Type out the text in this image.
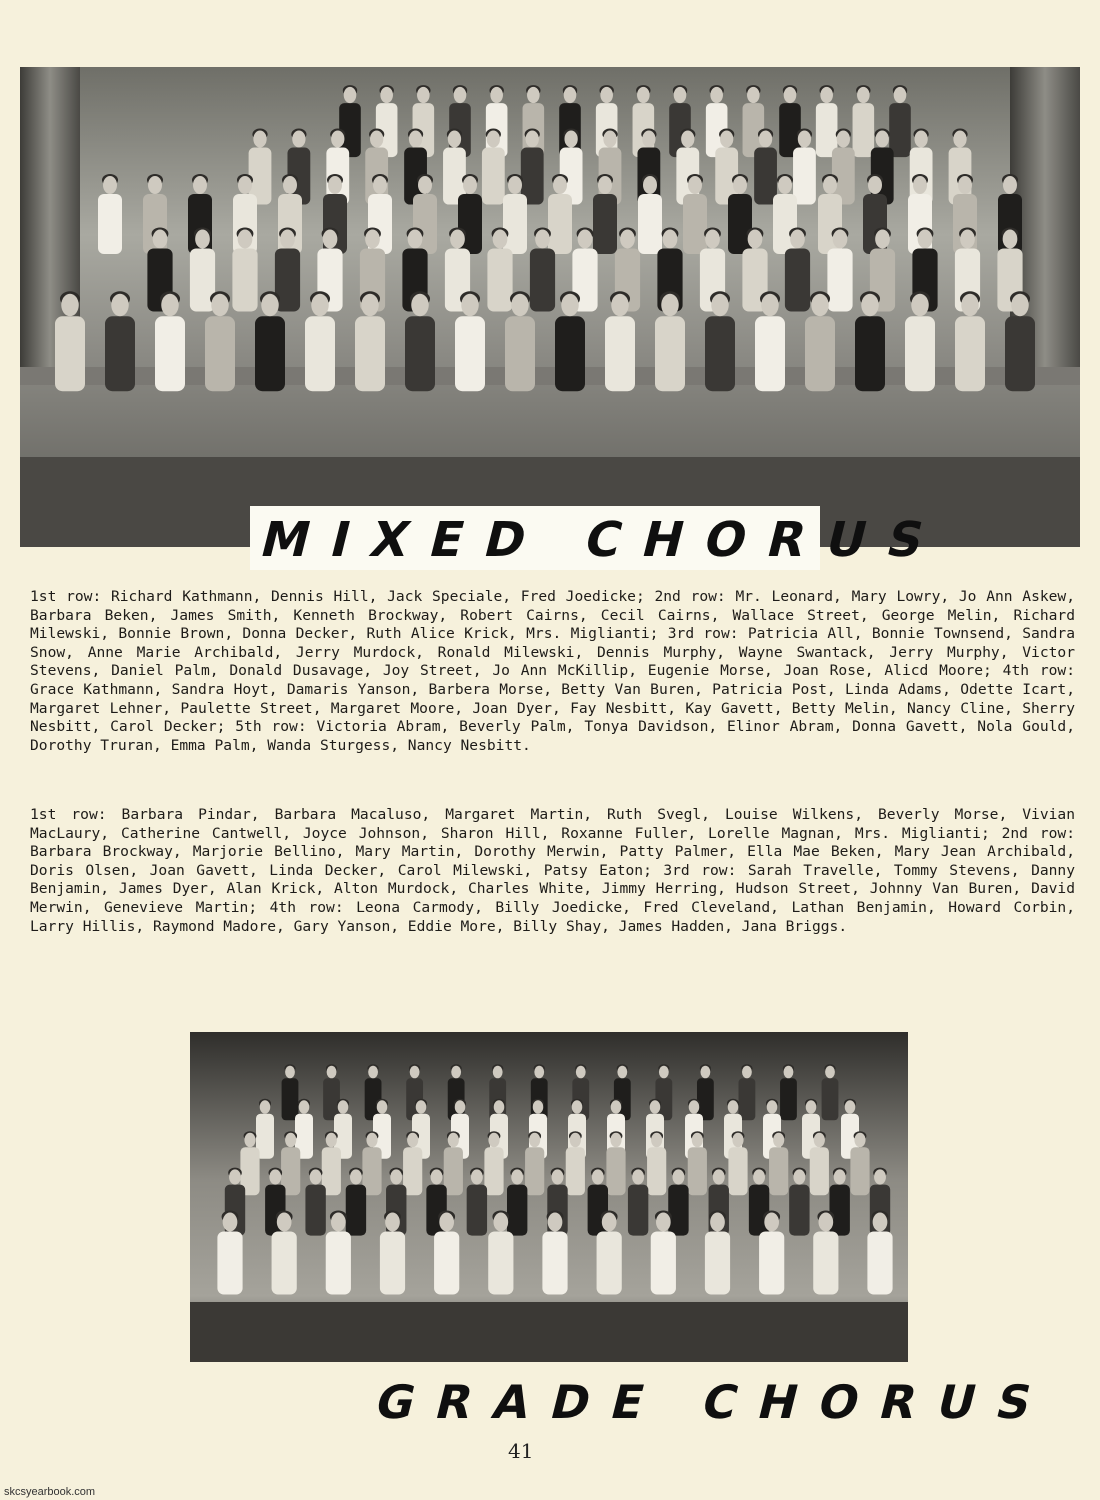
MIXED CHORUS

1st row: Richard Kathmann, Dennis Hill, Jack Speciale, Fred Joedicke; 2nd row: Mr. Leonard, Mary Lowry, Jo Ann Askew, Barbara Beken, James Smith, Kenneth Brockway, Robert Cairns, Cecil Cairns, Wallace Street, George Melin, Richard Milewski, Bonnie Brown, Donna Decker, Ruth Alice Krick, Mrs. Miglianti; 3rd row: Patricia All, Bonnie Townsend, Sandra Snow, Anne Marie Archibald, Jerry Murdock, Ronald Milewski, Dennis Murphy, Wayne Swantack, Jerry Murphy, Victor Stevens, Daniel Palm, Donald Dusavage, Joy Street, Jo Ann McKillip, Eugenie Morse, Joan Rose, Alicd Moore; 4th row: Grace Kathmann, Sandra Hoyt, Damaris Yanson, Barbera Morse, Betty Van Buren, Patricia Post, Linda Adams, Odette Icart, Margaret Lehner, Paulette Street, Margaret Moore, Joan Dyer, Fay Nesbitt, Kay Gavett, Betty Melin, Nancy Cline, Sherry Nesbitt, Carol Decker; 5th row: Victoria Abram, Beverly Palm, Tonya Davidson, Elinor Abram, Donna Gavett, Nola Gould, Dorothy Truran, Emma Palm, Wanda Sturgess, Nancy Nesbitt.

1st row: Barbara Pindar, Barbara Macaluso, Margaret Martin, Ruth Svegl, Louise Wilkens, Beverly Morse, Vivian MacLaury, Catherine Cantwell, Joyce Johnson, Sharon Hill, Roxanne Fuller, Lorelle Magnan, Mrs. Miglianti; 2nd row: Barbara Brockway, Marjorie Bellino, Mary Martin, Dorothy Merwin, Patty Palmer, Ella Mae Beken, Mary Jean Archibald, Doris Olsen, Joan Gavett, Linda Decker, Carol Milewski, Patsy Eaton; 3rd row: Sarah Travelle, Tommy Stevens, Danny Benjamin, James Dyer, Alan Krick, Alton Murdock, Charles White, Jimmy Herring, Hudson Street, Johnny Van Buren, David Merwin, Genevieve Martin; 4th row: Leona Carmody, Billy Joedicke, Fred Cleveland, Lathan Benjamin, Howard Corbin, Larry Hillis, Raymond Madore, Gary Yanson, Eddie More, Billy Shay, James Hadden, Jana Briggs.

GRADE CHORUS
41
skcsyearbook.com
